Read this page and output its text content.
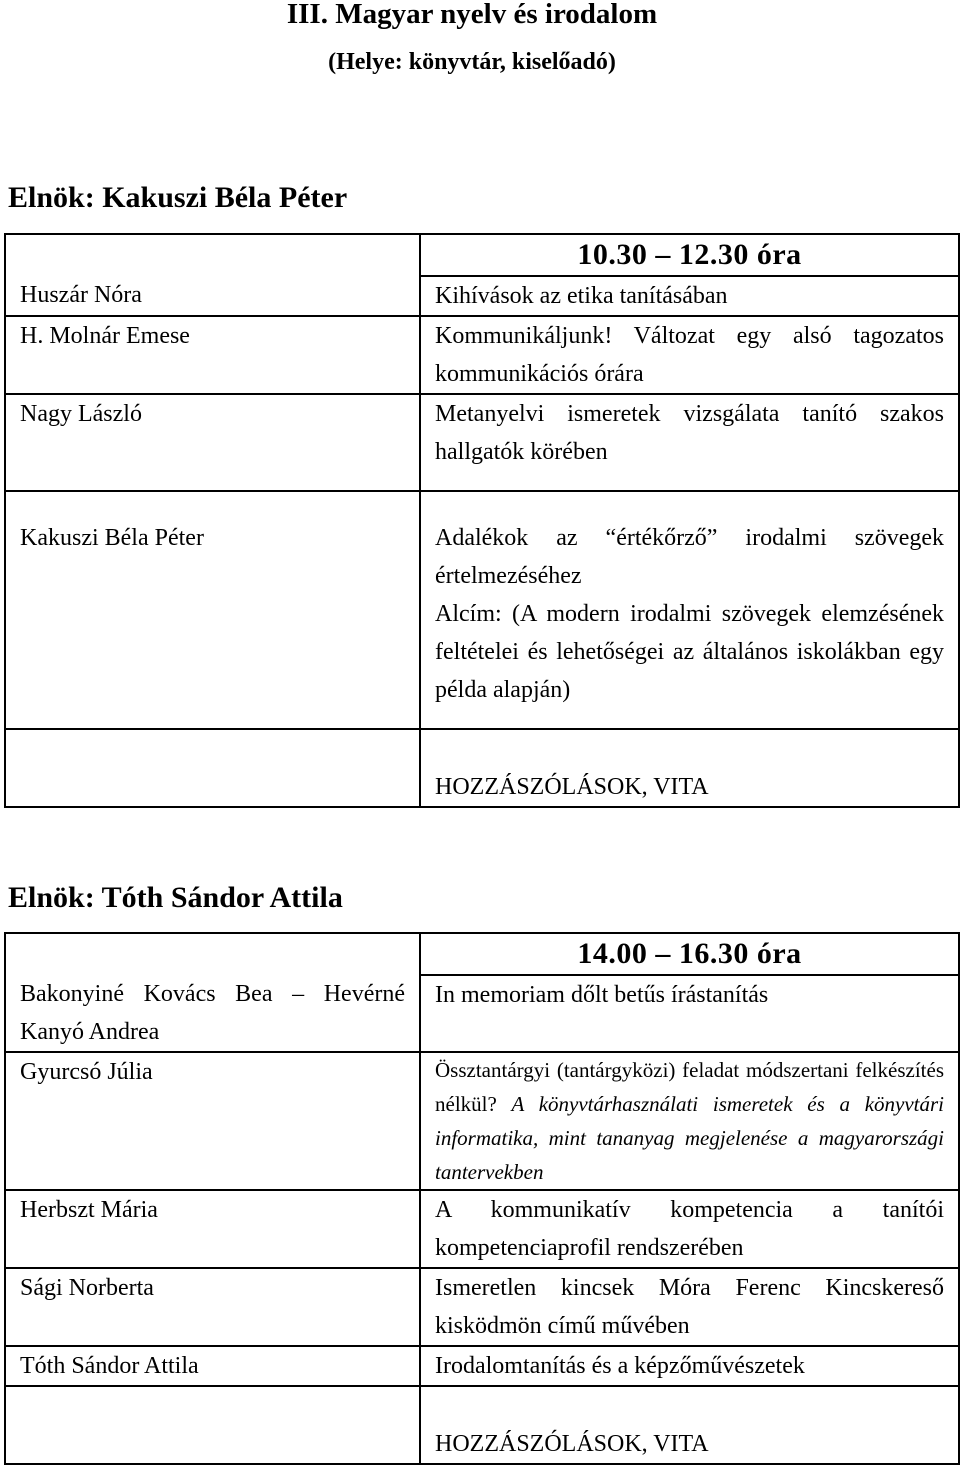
III. Magyar nyelv és irodalom
(Helye: könyvtár, kiselőadó)
Elnök: Kakuszi Béla Péter

	10.30 – 12.30 óra

Huszár Nóra	Kihívások az etika tanításában

H. Molnár Emese	Kommunikáljunk! Változat egy alsó tagozatos kommunikációs órára

Nagy László	Metanyelvi ismeretek vizsgálata tanító szakos hallgatók körében

Kakuszi Béla Péter	Adalékok az “értékőrző” irodalmi szövegek értelmezéséhez
Alcím: (A modern irodalmi szövegek elemzésének feltételei és lehetőségei az általános iskolákban egy példa alapján)

	HOZZÁSZÓLÁSOK, VITA
Elnök: Tóth Sándor Attila

	14.00 – 16.30 óra

Bakonyiné Kovács Bea – Hevérné Kanyó Andrea	In memoriam dőlt betűs írástanítás

Gyurcsó Júlia	Össztantárgyi (tantárgyközi) feladat módszertani felkészítés nélkül? A könyvtárhasználati ismeretek és a könyvtári informatika, mint tananyag megjelenése a magyarországi tantervekben

Herbszt Mária	A kommunikatív kompetencia a tanítói kompetenciaprofil rendszerében

Sági Norberta	Ismeretlen kincsek Móra Ferenc Kincskereső kisködmön című művében

Tóth Sándor Attila	Irodalomtanítás és a képzőművészetek

	HOZZÁSZÓLÁSOK, VITA
